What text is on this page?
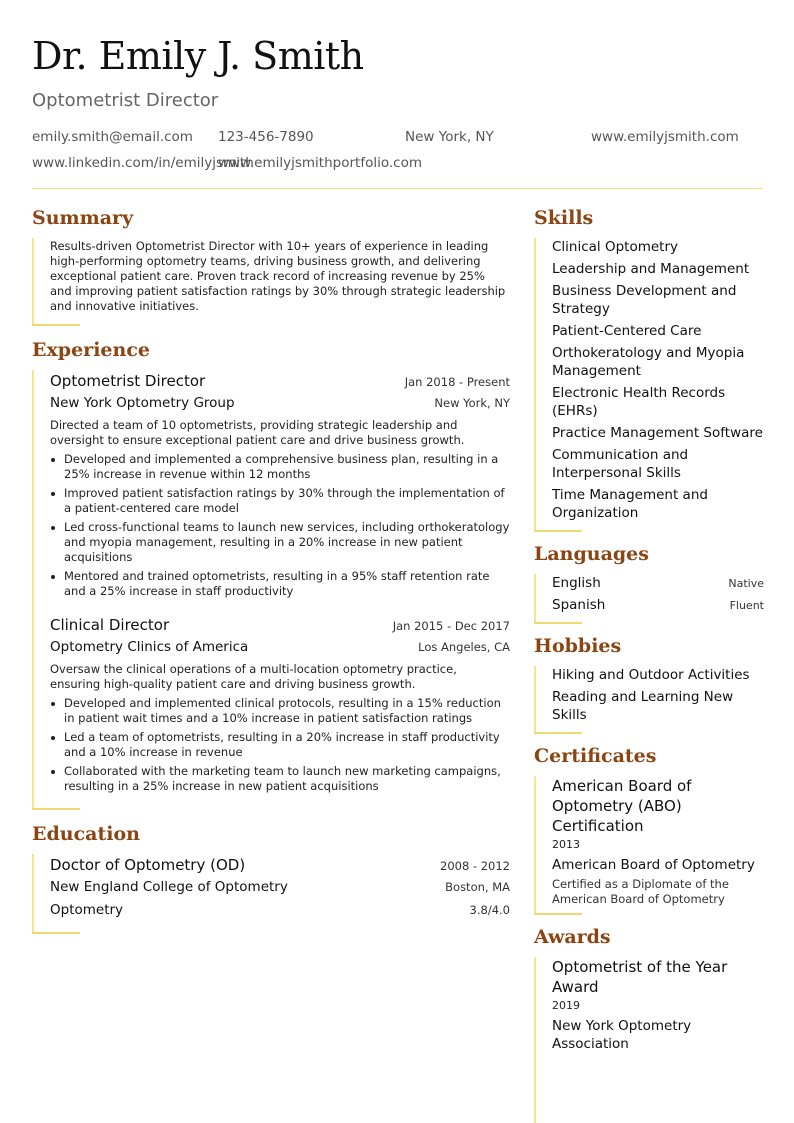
Dr. Emily J. Smith
Optometrist Director
emily.smith@email.com 123-456-7890	New York, NY	www.emilyjsmith.com
www.linkedin.com/in/emilyjsmith
www.emilyjsmithportfolio.com
Summary
Results-driven Optometrist Director with 10+ years of experience in leading high-performing optometry teams, driving business growth, and delivering exceptional patient care. Proven track record of increasing revenue by 25% and improving patient satisfaction ratings by 30% through strategic leadership and innovative initiatives.
Experience
Optometrist Director	Jan 2018 - Present
New York Optometry Group	New York, NY
Directed a team of 10 optometrists, providing strategic leadership and oversight to ensure exceptional patient care and drive business growth.
Developed and implemented a comprehensive business plan, resulting in a 25% increase in revenue within 12 months
Improved patient satisfaction ratings by 30% through the implementation of a patient-centered care model
Led cross-functional teams to launch new services, including orthokeratology and myopia management, resulting in a 20% increase in new patient acquisitions
Mentored and trained optometrists, resulting in a 95% staff retention rate and a 25% increase in staff productivity
Clinical Director	Jan 2015 - Dec 2017
Optometry Clinics of America	Los Angeles, CA
Oversaw the clinical operations of a multi-location optometry practice, ensuring high-quality patient care and driving business growth.
Developed and implemented clinical protocols, resulting in a 15% reduction in patient wait times and a 10% increase in patient satisfaction ratings
Led a team of optometrists, resulting in a 20% increase in staff productivity and a 10% increase in revenue
Collaborated with the marketing team to launch new marketing campaigns, resulting in a 25% increase in new patient acquisitions
Education
Doctor of Optometry (OD)	2008 - 2012
New England College of Optometry	Boston, MA
Optometry	3.8/4.0
Skills
Clinical Optometry
Leadership and Management
Business Development and Strategy
Patient-Centered Care
Orthokeratology and Myopia Management
Electronic Health Records (EHRs)
Practice Management Software
Communication and Interpersonal Skills
Time Management and Organization
Languages
English	Native
Spanish	Fluent
Hobbies
Hiking and Outdoor Activities
Reading and Learning New Skills
Certificates
American Board of Optometry (ABO) Certification
2013
American Board of Optometry
Certified as a Diplomate of the American Board of Optometry
Awards
Optometrist of the Year Award
2019
New York Optometry Association
